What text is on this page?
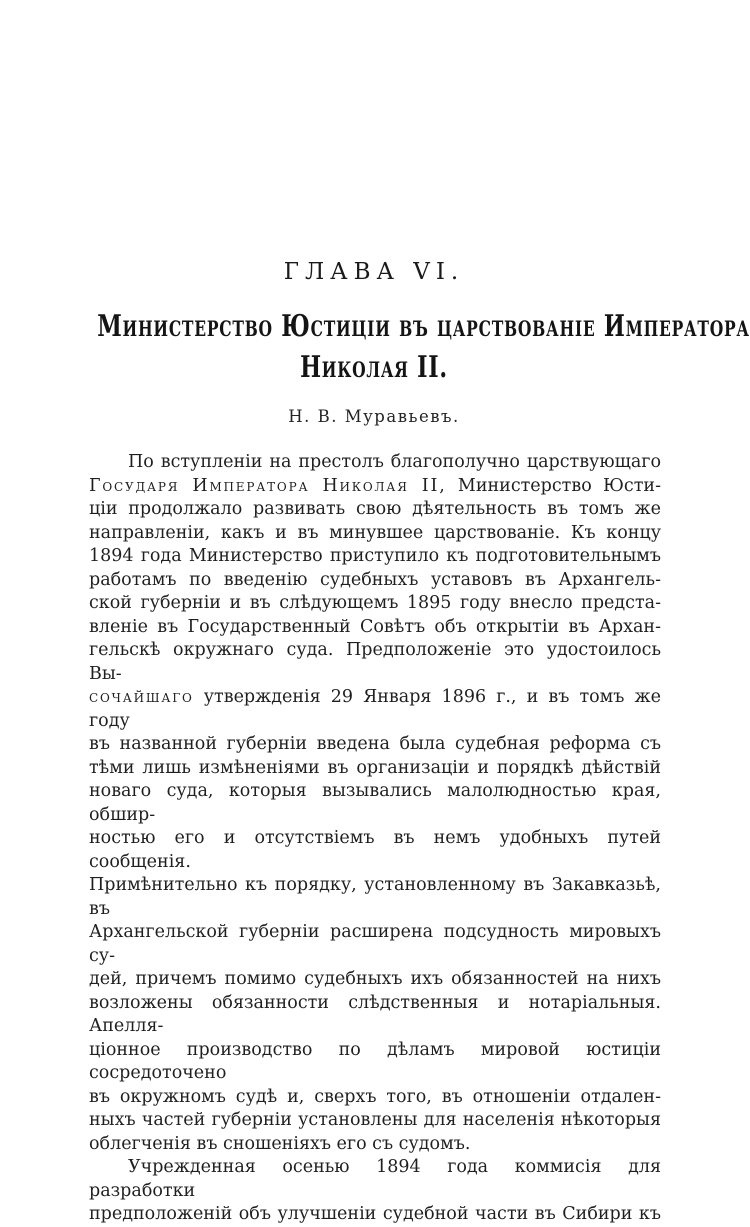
ГЛАВА VI.
Министерство Юстиціи въ царствованіе Императора
Николая II.
Н. В. Муравьевъ.
По вступленіи на престолъ благополучно царствующаго
Государя Императора Николая II, Министерство Юсти-
ціи продолжало развивать свою дѣятельность въ томъ же
направленіи, какъ и въ минувшее царствованіе. Къ концу
1894 года Министерство приступило къ подготовительнымъ
работамъ по введенію судебныхъ уставовъ въ Архангель-
ской губерніи и въ слѣдующемъ 1895 году внесло предста-
вленіе въ Государственный Совѣтъ объ открытіи въ Архан-
гельскѣ окружнаго суда. Предположеніе это удостоилось Вы-
сочайшаго утвержденія 29 Января 1896 г., и въ томъ же году
въ названной губерніи введена была судебная реформа съ
тѣми лишь измѣненіями въ организаціи и порядкѣ дѣйствій
новаго суда, которыя вызывались малолюдностью края, обшир-
ностью его и отсутствіемъ въ немъ удобныхъ путей сообщенія.
Примѣнительно къ порядку, установленному въ Закавказьѣ, въ
Архангельской губерніи расширена подсудность мировыхъ су-
дей, причемъ помимо судебныхъ ихъ обязанностей на нихъ
возложены обязанности слѣдственныя и нотаріальныя. Апелля-
ціонное производство по дѣламъ мировой юстиціи сосредоточено
въ окружномъ судѣ и, сверхъ того, въ отношеніи отдален-
ныхъ частей губерніи установлены для населенія нѣкоторыя
облегченія въ сношеніяхъ его съ судомъ.
Учрежденная осенью 1894 года коммисія для разработки
предположеній объ улучшеніи судебной части въ Сибири къ
